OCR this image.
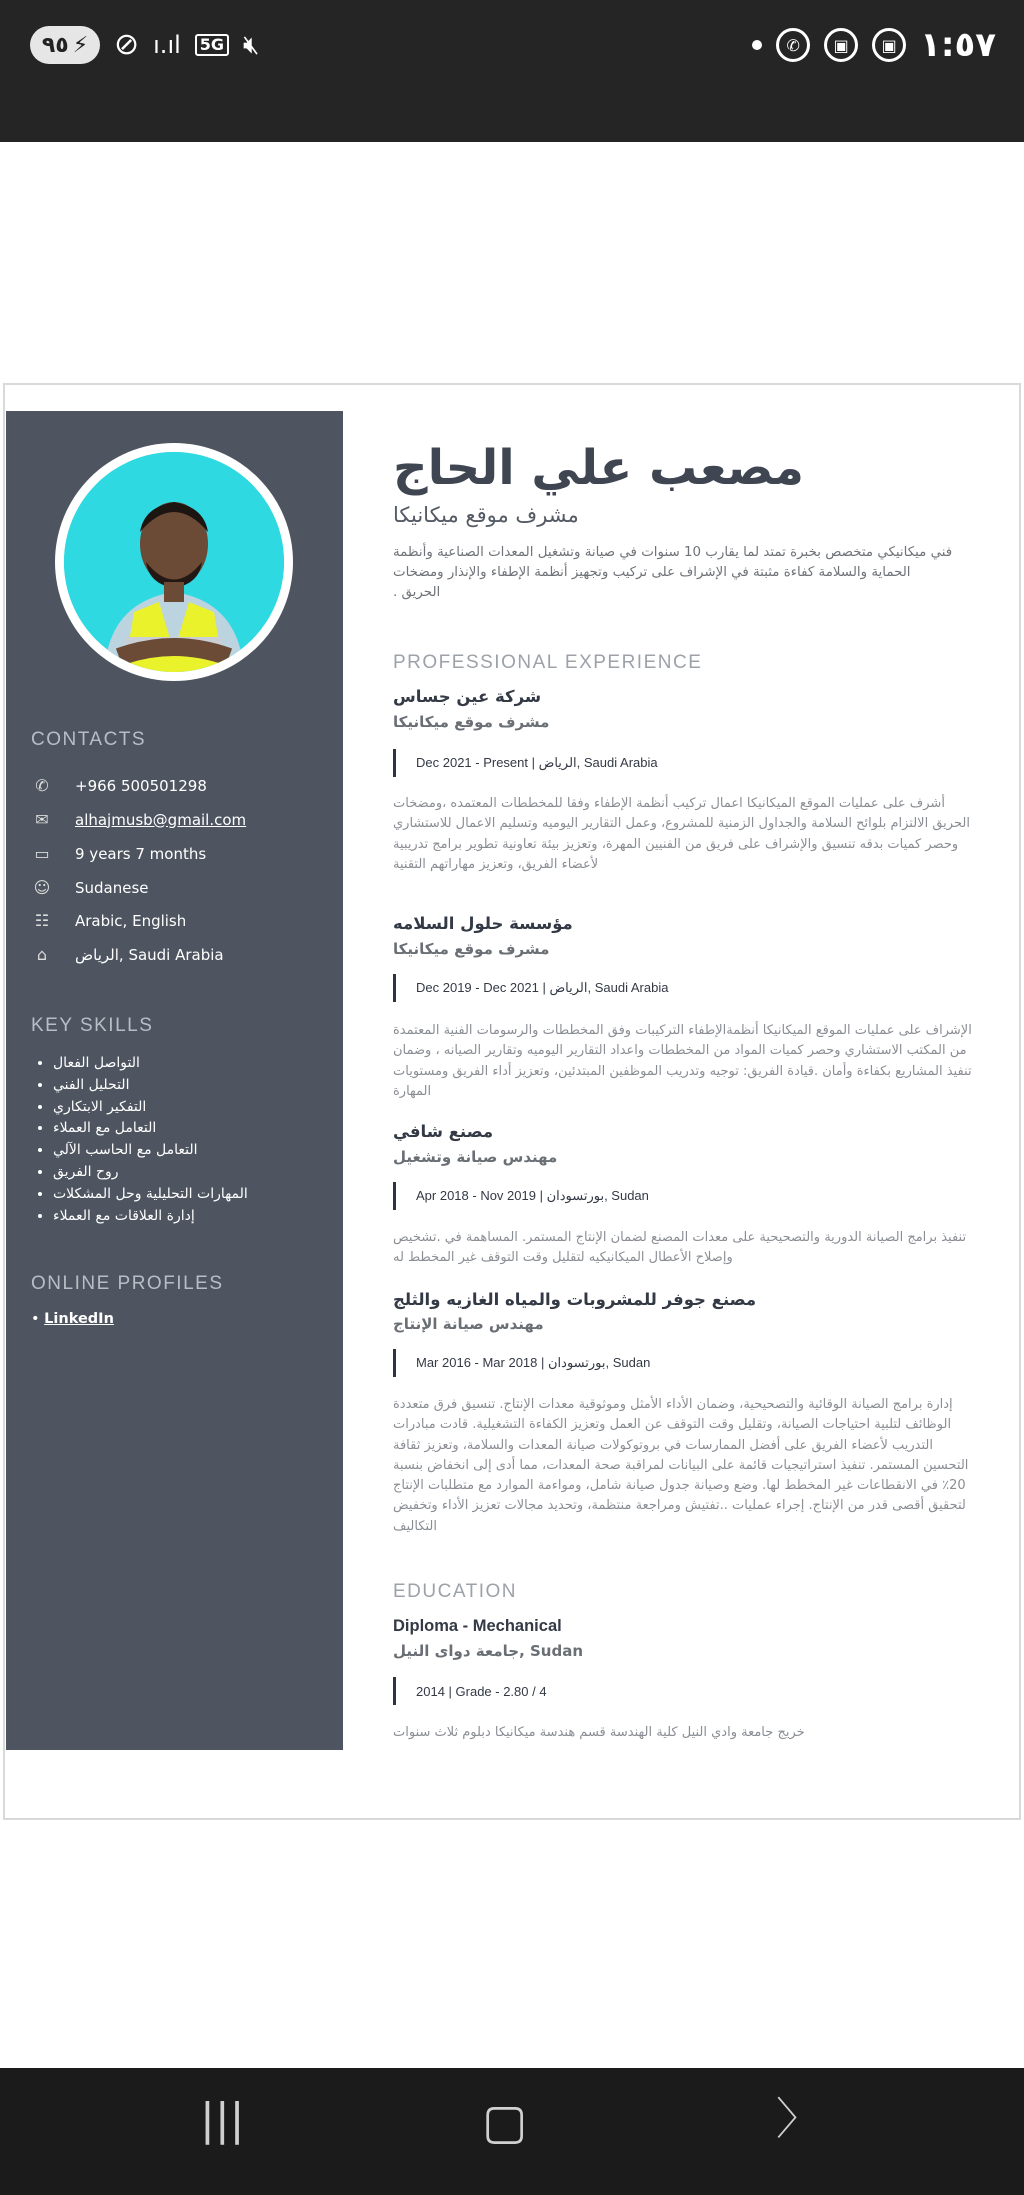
٩٥ ⚡ ⊘ ı.ıl	5G 🔇︎	✆	▣	▣ ١:٥٧
CONTACTS
✆ +966 500501298
✉ alhajmusb@gmail.com
▭ 9 years 7 months
☺ Sudanese
☷ Arabic, English
⌂	الرياض, Saudi Arabia
KEY SKILLS
• التواصل الفعال
• التحليل الفني
• التفكير الابتكاري
• التعامل مع العملاء
• التعامل مع الحاسب الآلي
• روح الفريق
• المهارات التحليلية وحل المشكلات
• إدارة العلاقات مع العملاء
ONLINE PROFILES
• LinkedIn
مصعب علي الحاج
مشرف موقع ميكانيكا
فني ميكانيكي متخصص بخبرة تمتد لما يقارب 10 سنوات في صيانة وتشغيل المعدات الصناعية وأنظمة الحماية والسلامة كفاءة مثبتة في الإشراف على تركيب وتجهيز أنظمة الإطفاء والإنذار ومضخات الحريق .
PROFESSIONAL EXPERIENCE
شركة عين جساس
مشرف موقع ميكانيكا
Dec 2021 - Present | الرياض, Saudi Arabia
أشرف على عمليات الموقع الميكانيكا اعمال تركيب أنظمة الإطفاء وفقا للمخططات المعتمده ،ومضخات الحريق الالتزام بلوائح السلامة والجداول الزمنية للمشروع، وعمل التقارير اليوميه وتسليم الاعمال للاستشاري وحصر كميات بدقه تنسيق والإشراف على فريق من الفنيين المهرة، وتعزيز بيئة تعاونية تطوير برامج تدريبية لأعضاء الفريق، وتعزيز مهاراتهم التقنية
مؤسسة حلول السلامه
مشرف موقع ميكانيكا
Dec 2019 - Dec 2021 | الرياض, Saudi Arabia
الإشراف على عمليات الموقع الميكانيكا أنظمةالإطفاء التركيبات وفق المخططات والرسومات الفنية المعتمدة من المكتب الاستشاري وحصر كميات المواد من المخططات واعداد التقارير اليوميه وتقارير الصيانه ، وضمان تنفيذ المشاريع بكفاءة وأمان .قيادة الفريق: توجيه وتدريب الموظفين المبتدئين، وتعزيز أداء الفريق ومستويات المهارة
مصنع شافي
مهندس صيانة وتشغيل
Apr 2018 - Nov 2019 | بورتسودان, Sudan
تنفيذ برامج الصيانة الدورية والتصحيحية على معدات المصنع لضمان الإنتاج المستمر. المساهمة في .تشخيص وإصلاح الأعطال الميكانيكيه لتقليل وقت التوقف غير المخطط له
مصنع جوفر للمشروبات والمياه الغازيه والثلج
مهندس صيانة الإنتاج
Mar 2016 - Mar 2018 | بورتسودان, Sudan
إدارة برامج الصيانة الوقائية والتصحيحية، وضمان الأداء الأمثل وموثوقية معدات الإنتاج. تنسيق فرق متعددة الوظائف لتلبية احتياجات الصيانة، وتقليل وقت التوقف عن العمل وتعزيز الكفاءة التشغيلية. قادت مبادرات التدريب لأعضاء الفريق على أفضل الممارسات في بروتوكولات صيانة المعدات والسلامة، وتعزيز ثقافة التحسين المستمر. تنفيذ استراتيجيات قائمة على البيانات لمراقبة صحة المعدات، مما أدى إلى انخفاض بنسبة 20٪ في الانقطاعات غير المخطط لها. وضع وصيانة جدول صيانة شامل، ومواءمة الموارد مع متطلبات الإنتاج لتحقيق أقصى قدر من الإنتاج. إجراء عمليات ..تفتيش ومراجعة منتظمة، وتحديد مجالات تعزيز الأداء وتخفيض التكاليف
EDUCATION
Diploma - Mechanical
جامعة دواى النيل, Sudan
2014 | Grade - 2.80 / 4
خريج جامعة وادي النيل كلية الهندسة قسم هندسة ميكانيكا دبلوم ثلاث سنوات
|||	▢	〉
